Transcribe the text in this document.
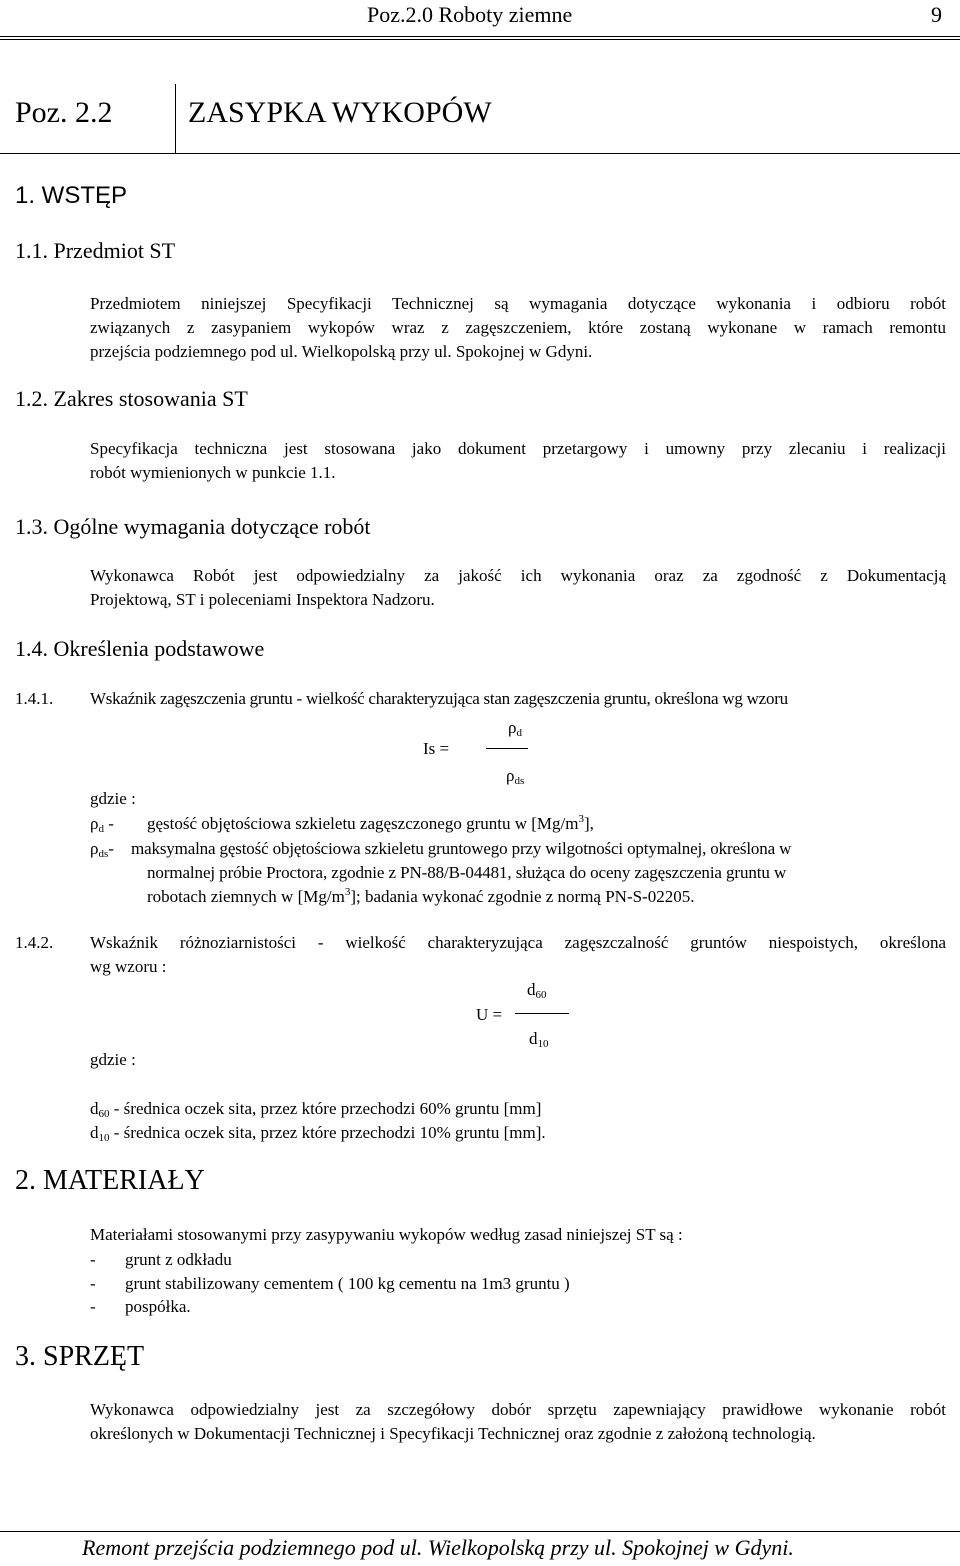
Poz.2.0 Roboty ziemne	9
Poz. 2.2	ZASYPKA WYKOPÓW
1. WSTĘP
1.1. Przedmiot ST
Przedmiotem niniejszej Specyfikacji Technicznej są wymagania dotyczące wykonania i odbioru robót
związanych z zasypaniem wykopów wraz z zagęszczeniem, które zostaną wykonane w ramach remontu
przejścia podziemnego pod ul. Wielkopolską przy ul. Spokojnej w Gdyni.
1.2. Zakres stosowania ST
Specyfikacja techniczna jest stosowana jako dokument przetargowy i umowny przy zlecaniu i realizacji
robót wymienionych w punkcie 1.1.
1.3. Ogólne wymagania dotyczące robót
Wykonawca Robót jest odpowiedzialny za jakość ich wykonania oraz za zgodność z Dokumentacją
Projektową, ST i poleceniami Inspektora Nadzoru.
1.4. Określenia podstawowe
1.4.1. Wskaźnik zagęszczenia gruntu - wielkość charakteryzująca stan zagęszczenia gruntu, określona wg wzoru
$\rho_d$
Is =
$\rho_{ds}$
gdzie :
$\rho_d$ - gęstość objętościowa szkieletu zagęszczonego gruntu w $[Mg/m^3]$,
$\rho_{ds}-$ maksymalna gęstość objętościowa szkieletu gruntowego przy wilgotności optymalnej, określona w
normalnej próbie Proctora, zgodnie z PN-88/B-04481, służąca do oceny zagęszczenia gruntu w
robotach ziemnych w $[Mg/m^3]$; badania wykonać zgodnie z normą PN-S-02205.
1.4.2. Wskaźnik różnoziarnistości - wielkość charakteryzująca zagęszczalność gruntów niespoistych, określona
wg wzoru :
$d_{60}$
U =
$d_{10}$
gdzie :
$d_{60}$ - średnica oczek sita, przez które przechodzi 60% gruntu [mm]
$d_{10}$ - średnica oczek sita, przez które przechodzi 10% gruntu [mm].
2. MATERIAŁY
Materiałami stosowanymi przy zasypywaniu wykopów według zasad niniejszej ST są :
- grunt z odkładu
- grunt stabilizowany cementem ( 100 kg cementu na 1m3 gruntu )
- pospółka.
3. SPRZĘT
Wykonawca odpowiedzialny jest za szczegółowy dobór sprzętu zapewniający prawidłowe wykonanie robót
określonych w Dokumentacji Technicznej i Specyfikacji Technicznej oraz zgodnie z założoną technologią.
Remont przejścia podziemnego pod ul. Wielkopolską przy ul. Spokojnej w Gdyni.
